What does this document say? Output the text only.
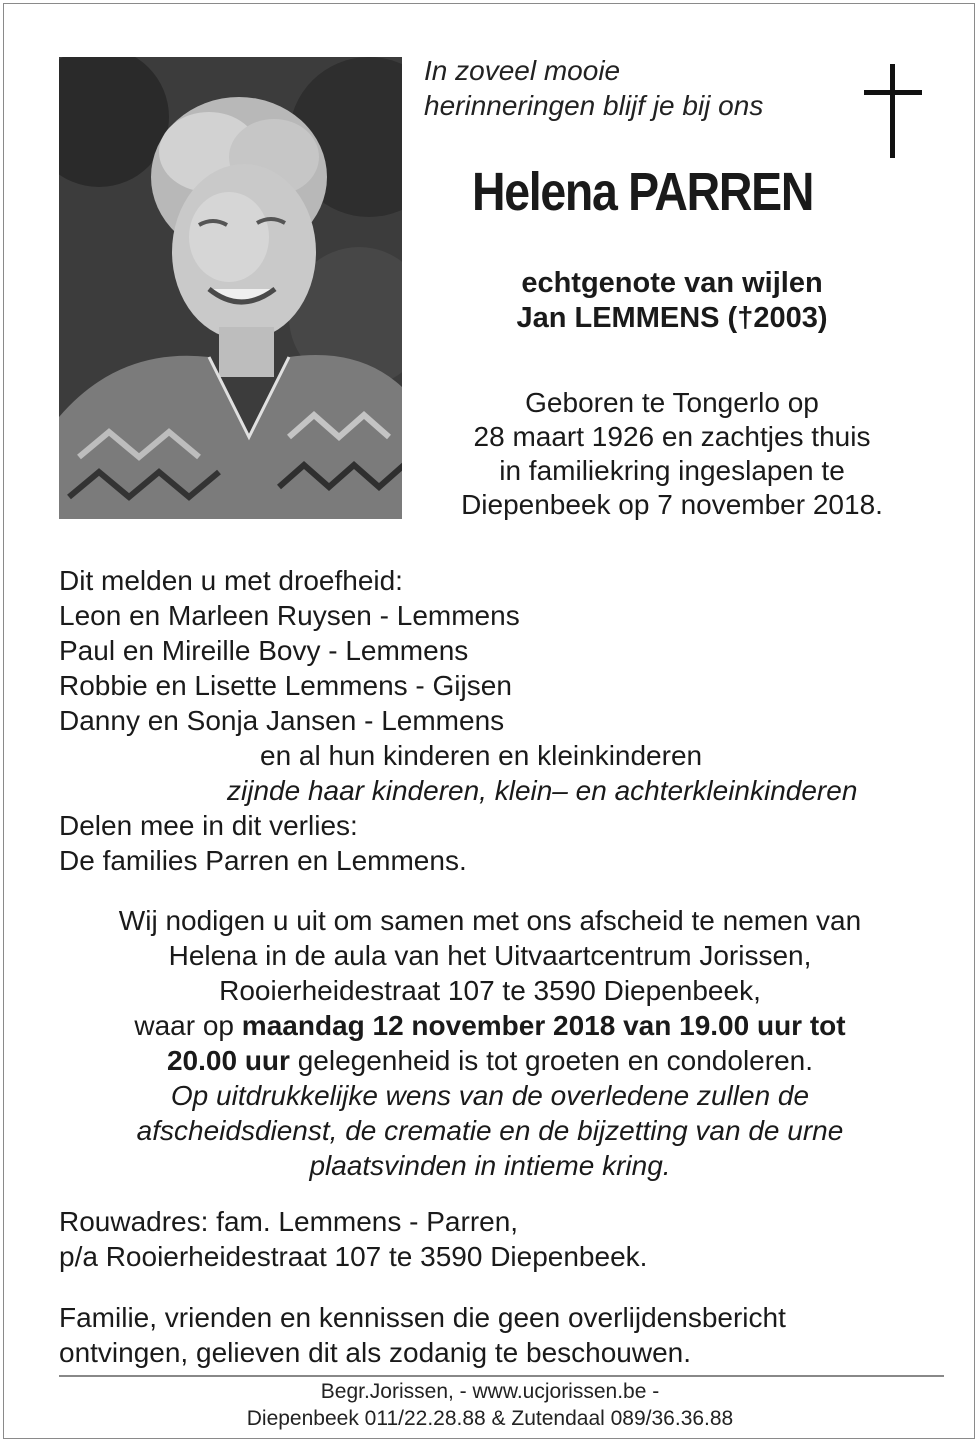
In zoveel mooie
herinneringen blijf je bij ons
Helena PARREN
echtgenote van wijlen
Jan LEMMENS (†2003)
Geboren te Tongerlo op
28 maart 1926 en zachtjes thuis
in familiekring ingeslapen te
Diepenbeek op 7 november 2018.
Dit melden u met droefheid:
Leon en Marleen Ruysen - Lemmens
Paul en Mireille Bovy - Lemmens
Robbie en Lisette Lemmens - Gijsen
Danny en Sonja Jansen - Lemmens
en al hun kinderen en kleinkinderen
zijnde haar kinderen, klein– en achterkleinkinderen
Delen mee in dit verlies:
De families Parren en Lemmens.
Wij nodigen u uit om samen met ons afscheid te nemen van
Helena in de aula van het Uitvaartcentrum Jorissen,
Rooierheidestraat 107 te 3590 Diepenbeek,
waar op maandag 12 november 2018 van 19.00 uur tot
20.00 uur gelegenheid is tot groeten en condoleren.
Op uitdrukkelijke wens van de overledene zullen de
afscheidsdienst, de crematie en de bijzetting van de urne
plaatsvinden in intieme kring.
Rouwadres: fam. Lemmens - Parren,
p/a Rooierheidestraat 107 te 3590 Diepenbeek.
Familie, vrienden en kennissen die geen overlijdensbericht
ontvingen, gelieven dit als zodanig te beschouwen.
Begr.Jorissen, - www.ucjorissen.be -
Diepenbeek 011/22.28.88 & Zutendaal 089/36.36.88
